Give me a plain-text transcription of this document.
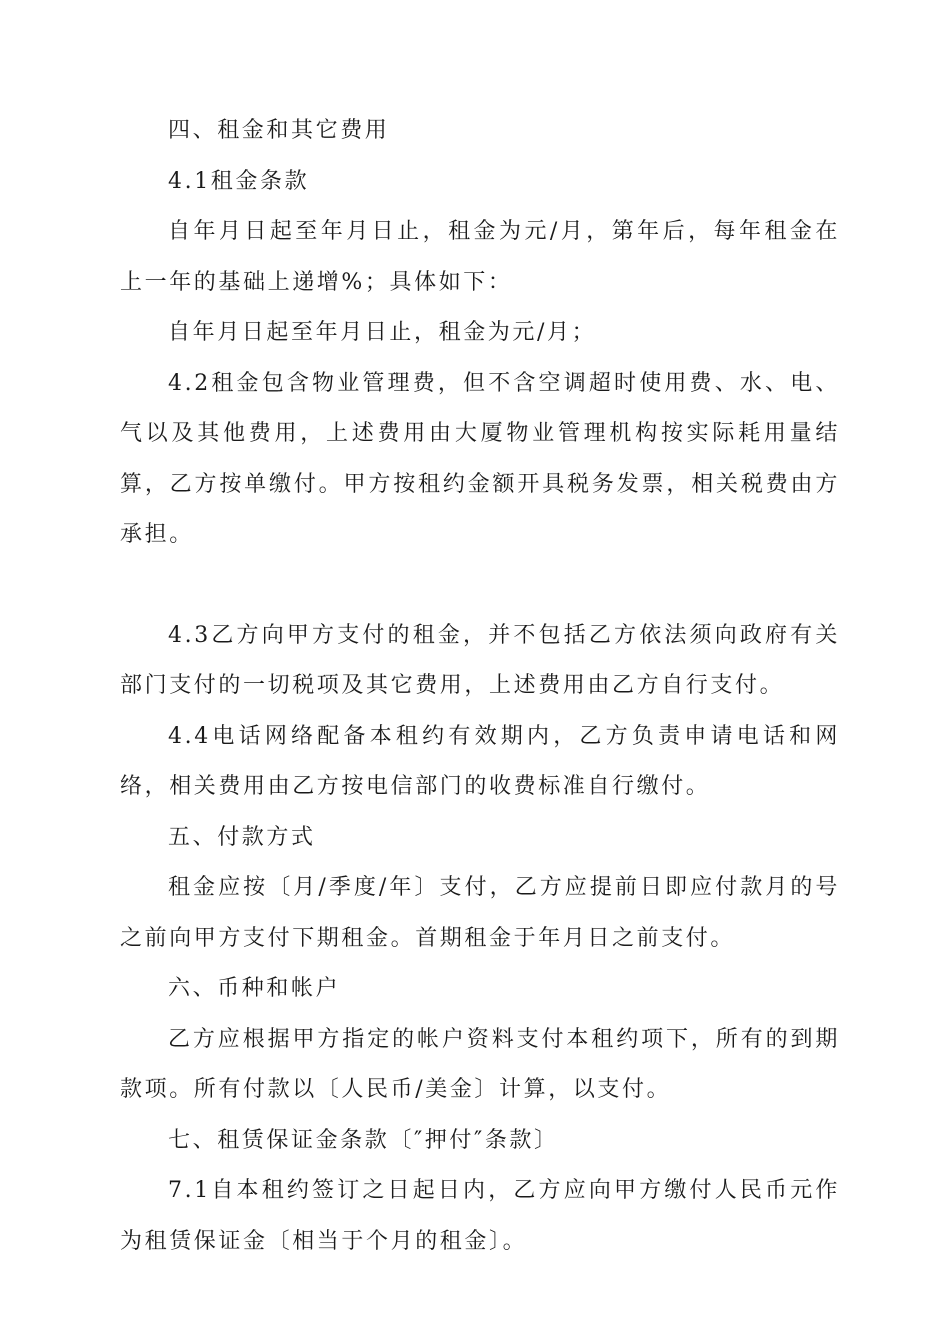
四、租金和其它费用

4.1租金条款

自年月日起至年月日止，租金为元/月，第年后，每年租金在上一年的基础上递增%；具体如下：

自年月日起至年月日止，租金为元/月；

4.2租金包含物业管理费，但不含空调超时使用费、水、电、气以及其他费用，上述费用由大厦物业管理机构按实际耗用量结算，乙方按单缴付。甲方按租约金额开具税务发票，相关税费由方承担。

4.3乙方向甲方支付的租金，并不包括乙方依法须向政府有关部门支付的一切税项及其它费用，上述费用由乙方自行支付。

4.4电话网络配备本租约有效期内，乙方负责申请电话和网络，相关费用由乙方按电信部门的收费标准自行缴付。

五、付款方式

租金应按〔月/季度/年〕支付，乙方应提前日即应付款月的号之前向甲方支付下期租金。首期租金于年月日之前支付。

六、币种和帐户

乙方应根据甲方指定的帐户资料支付本租约项下，所有的到期款项。所有付款以〔人民币/美金〕计算，以支付。

七、租赁保证金条款〔″押付″条款〕

7.1自本租约签订之日起日内，乙方应向甲方缴付人民币元作为租赁保证金〔相当于个月的租金〕。
